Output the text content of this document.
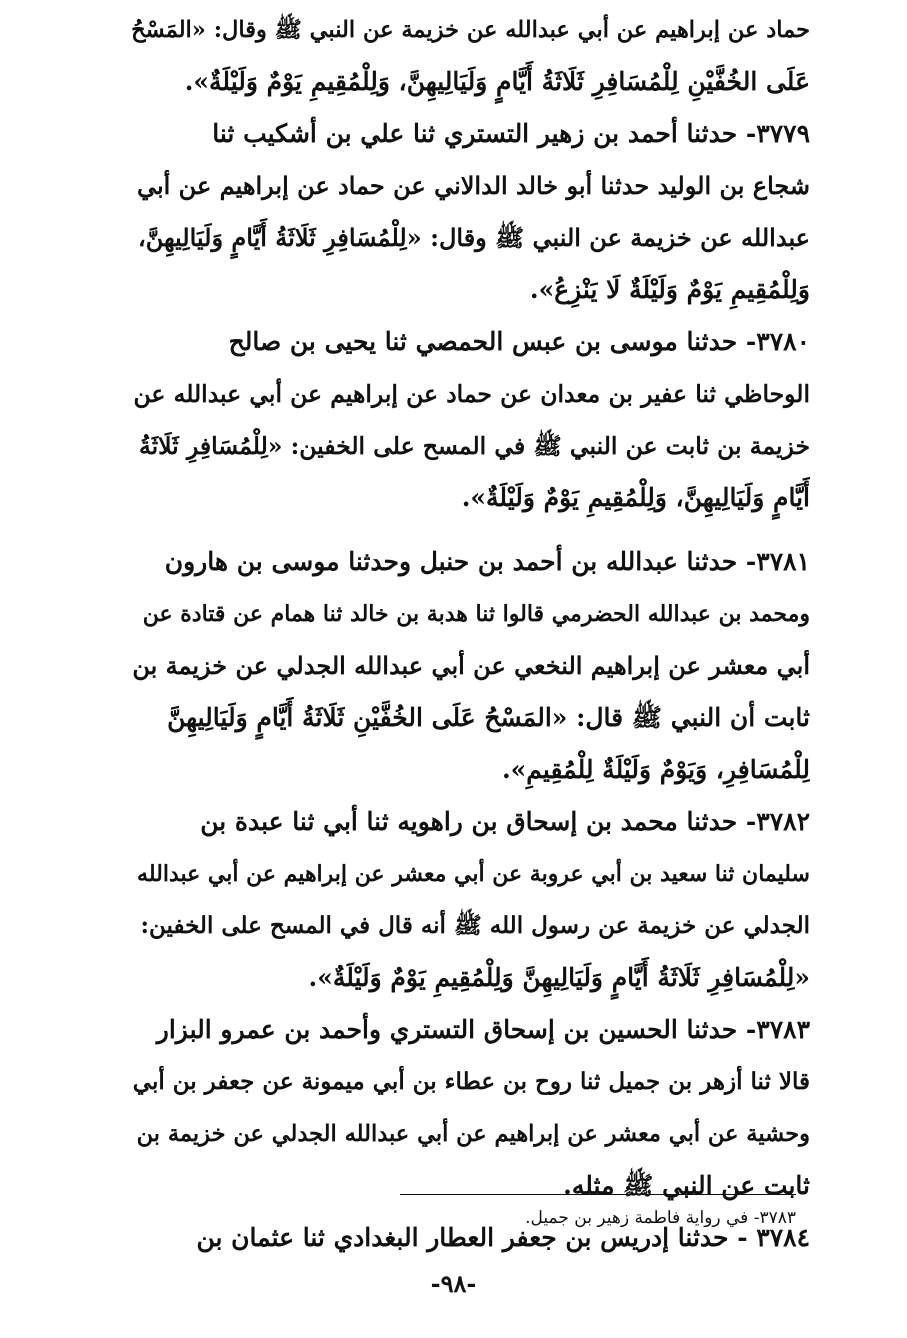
حماد عن إبراهيم عن أبي عبدالله عن خزيمة عن النبي ﷺ وقال: «المَسْحُ
عَلَى الخُفَّيْنِ لِلْمُسَافِرِ ثَلَاثَةُ أَيَّامٍ وَلَيَالِيهِنَّ، وَلِلْمُقِيمِ يَوْمٌ وَلَيْلَةٌ».
٣٧٧٩- حدثنا أحمد بن زهير التستري ثنا علي بن أشكيب ثنا
شجاع بن الوليد حدثنا أبو خالد الدالاني عن حماد عن إبراهيم عن أبي
عبدالله عن خزيمة عن النبي ﷺ وقال: «لِلْمُسَافِرِ ثَلَاثَةُ أَيَّامٍ وَلَيَالِيهِنَّ،
وَلِلْمُقِيمِ يَوْمٌ وَلَيْلَةٌ لَا يَنْزِعُ».
٣٧٨٠- حدثنا موسى بن عبس الحمصي ثنا يحيى بن صالح
الوحاظي ثنا عفير بن معدان عن حماد عن إبراهيم عن أبي عبدالله عن
خزيمة بن ثابت عن النبي ﷺ في المسح على الخفين: «لِلْمُسَافِرِ ثَلَاثَةُ
أَيَّامٍ وَلَيَالِيهِنَّ، وَلِلْمُقِيمِ يَوْمٌ وَلَيْلَةٌ».
٣٧٨١- حدثنا عبدالله بن أحمد بن حنبل وحدثنا موسى بن هارون
ومحمد بن عبدالله الحضرمي قالوا ثنا هدبة بن خالد ثنا همام عن قتادة عن
أبي معشر عن إبراهيم النخعي عن أبي عبدالله الجدلي عن خزيمة بن
ثابت أن النبي ﷺ قال: «المَسْحُ عَلَى الخُفَّيْنِ ثَلَاثَةُ أَيَّامٍ وَلَيَالِيهِنَّ
لِلْمُسَافِرِ، وَيَوْمٌ وَلَيْلَةٌ لِلْمُقِيمِ».
٣٧٨٢- حدثنا محمد بن إسحاق بن راهويه ثنا أبي ثنا عبدة بن
سليمان ثنا سعيد بن أبي عروبة عن أبي معشر عن إبراهيم عن أبي عبدالله
الجدلي عن خزيمة عن رسول الله ﷺ أنه قال في المسح على الخفين:
«لِلْمُسَافِرِ ثَلَاثَةُ أَيَّامٍ وَلَيَالِيهِنَّ وَلِلْمُقِيمِ يَوْمٌ وَلَيْلَةٌ».
٣٧٨٣- حدثنا الحسين بن إسحاق التستري وأحمد بن عمرو البزار
قالا ثنا أزهر بن جميل ثنا روح بن عطاء بن أبي ميمونة عن جعفر بن أبي
وحشية عن أبي معشر عن إبراهيم عن أبي عبدالله الجدلي عن خزيمة بن
ثابت عن النبي ﷺ مثله.
٣٧٨٤ - حدثنا إدريس بن جعفر العطار البغدادي ثنا عثمان بن
٣٧٨٣- في رواية فاطمة زهير بن جميل.
-٩٨-
